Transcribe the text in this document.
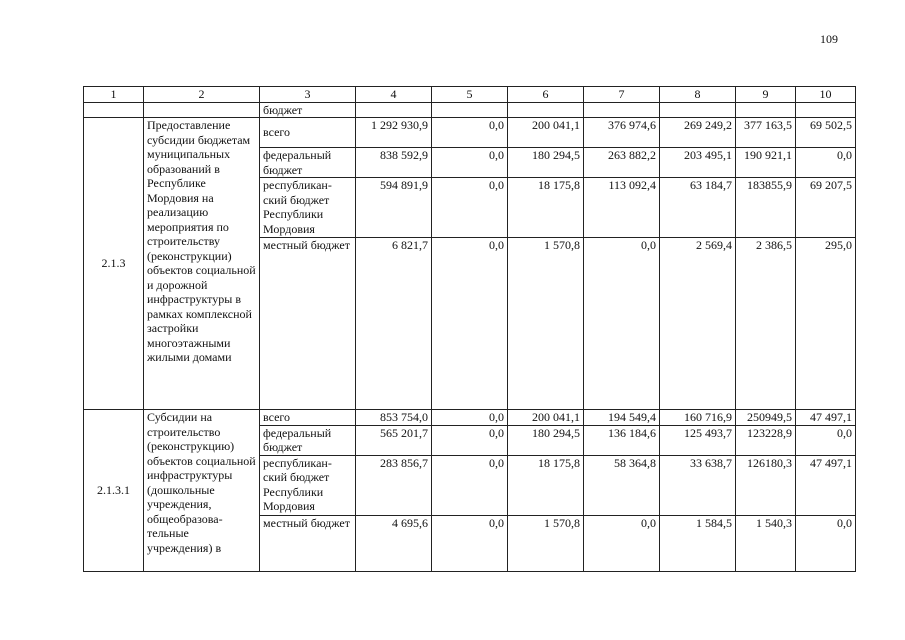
109
1	2	3	4	5	6	7	8	9	10
		бюджет							
2.1.3	Предоставление субсидии бюджетам муниципальных образований в Республике Мордовия на реализацию мероприятия по строительству (реконструкции) объектов социальной и дорожной инфраструктуры в рамках комплексной застройки многоэтажными жилыми домами	всего	1 292 930,9	0,0	200 041,1	376 974,6	269 249,2	377 163,5	69 502,5
		федеральный бюджет	838 592,9	0,0	180 294,5	263 882,2	203 495,1	190 921,1	0,0
		республикан-ский бюджет Республики Мордовия	594 891,9	0,0	18 175,8	113 092,4	63 184,7	183855,9	69 207,5
		местный бюджет	6 821,7	0,0	1 570,8	0,0	2 569,4	2 386,5	295,0
2.1.3.1	Субсидии на строительство (реконструкцию) объектов социальной инфраструктуры (дошкольные учреждения, общеобразова-тельные учреждения) в	всего	853 754,0	0,0	200 041,1	194 549,4	160 716,9	250949,5	47 497,1
		федеральный бюджет	565 201,7	0,0	180 294,5	136 184,6	125 493,7	123228,9	0,0
		республикан-ский бюджет Республики Мордовия	283 856,7	0,0	18 175,8	58 364,8	33 638,7	126180,3	47 497,1
		местный бюджет	4 695,6	0,0	1 570,8	0,0	1 584,5	1 540,3	0,0
